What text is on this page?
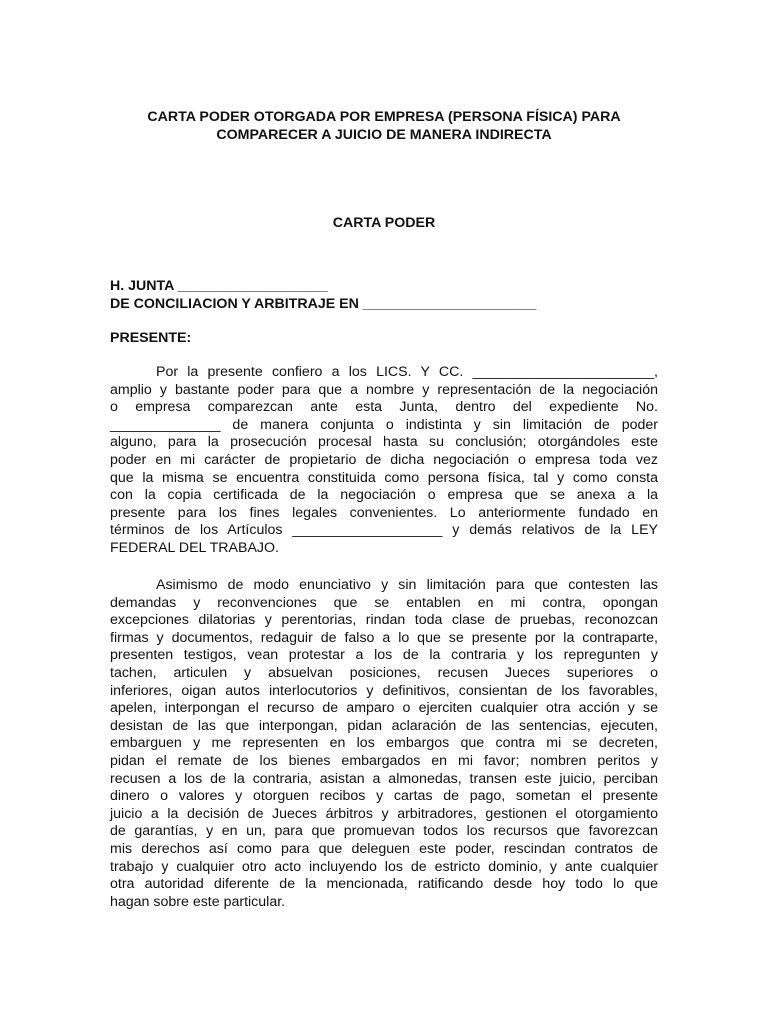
CARTA PODER OTORGADA POR EMPRESA (PERSONA FÍSICA) PARA
COMPARECER A JUICIO DE MANERA INDIRECTA
CARTA PODER
H. JUNTA ___________________
DE CONCILIACION Y ARBITRAJE EN ______________________
PRESENTE:

Por la presente confiero a los LICS. Y CC. _______________________,
amplio y bastante poder para que a nombre y representación de la negociación
o empresa comparezcan ante esta Junta, dentro del expediente No.
______________ de manera conjunta o indistinta y sin limitación de poder
alguno, para la prosecución procesal hasta su conclusión; otorgándoles este
poder en mi carácter de propietario de dicha negociación o empresa toda vez
que la misma se encuentra constituida como persona física, tal y como consta
con la copia certificada de la negociación o empresa que se anexa a la
presente para los fines legales convenientes. Lo anteriormente fundado en
términos de los Artículos ___________________ y demás relativos de la LEY
FEDERAL DEL TRABAJO.

Asimismo de modo enunciativo y sin limitación para que contesten las
demandas y reconvenciones que se entablen en mi contra, opongan
excepciones dilatorias y perentorias, rindan toda clase de pruebas, reconozcan
firmas y documentos, redaguir de falso a lo que se presente por la contraparte,
presenten testigos, vean protestar a los de la contraria y los repregunten y
tachen, articulen y absuelvan posiciones, recusen Jueces superiores o
inferiores, oigan autos interlocutorios y definitivos, consientan de los favorables,
apelen, interpongan el recurso de amparo o ejerciten cualquier otra acción y se
desistan de las que interpongan, pidan aclaración de las sentencias, ejecuten,
embarguen y me representen en los embargos que contra mi se decreten,
pidan el remate de los bienes embargados en mi favor; nombren peritos y
recusen a los de la contraria, asistan a almonedas, transen este juicio, perciban
dinero o valores y otorguen recibos y cartas de pago, sometan el presente
juicio a la decisión de Jueces árbitros y arbitradores, gestionen el otorgamiento
de garantías, y en un, para que promuevan todos los recursos que favorezcan
mis derechos así como para que deleguen este poder, rescindan contratos de
trabajo y cualquier otro acto incluyendo los de estricto dominio, y ante cualquier
otra autoridad diferente de la mencionada, ratificando desde hoy todo lo que
hagan sobre este particular.
